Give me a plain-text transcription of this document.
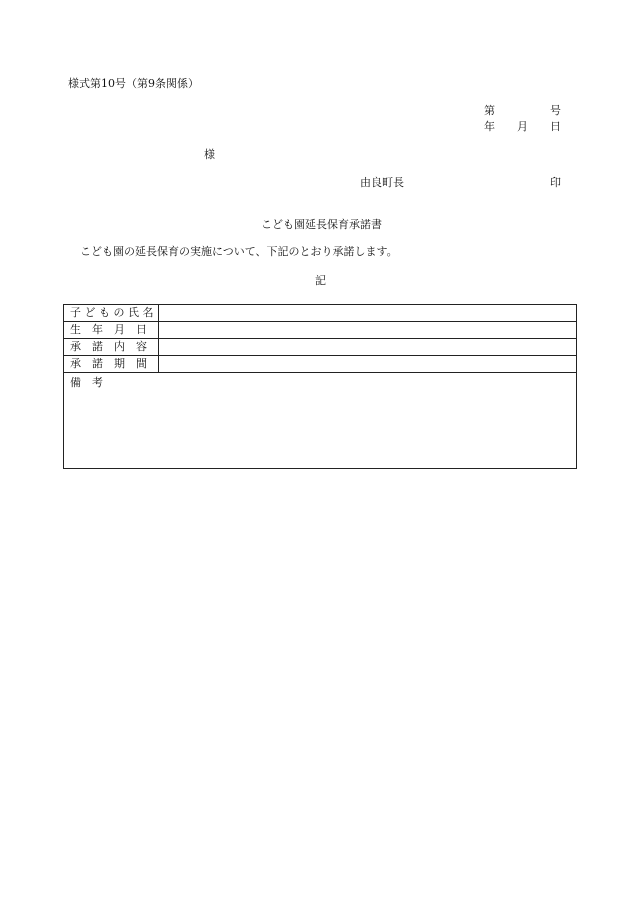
様式第10号（第9条関係）
第	号
年 月 日
様
由良町長	印
こども園延長保育承諾書
こども園の延長保育の実施について、下記のとおり承諾します。
記
子 ど も の 氏 名
生　年　月　日
承　諾　内　容
承　諾　期　間
備　考
